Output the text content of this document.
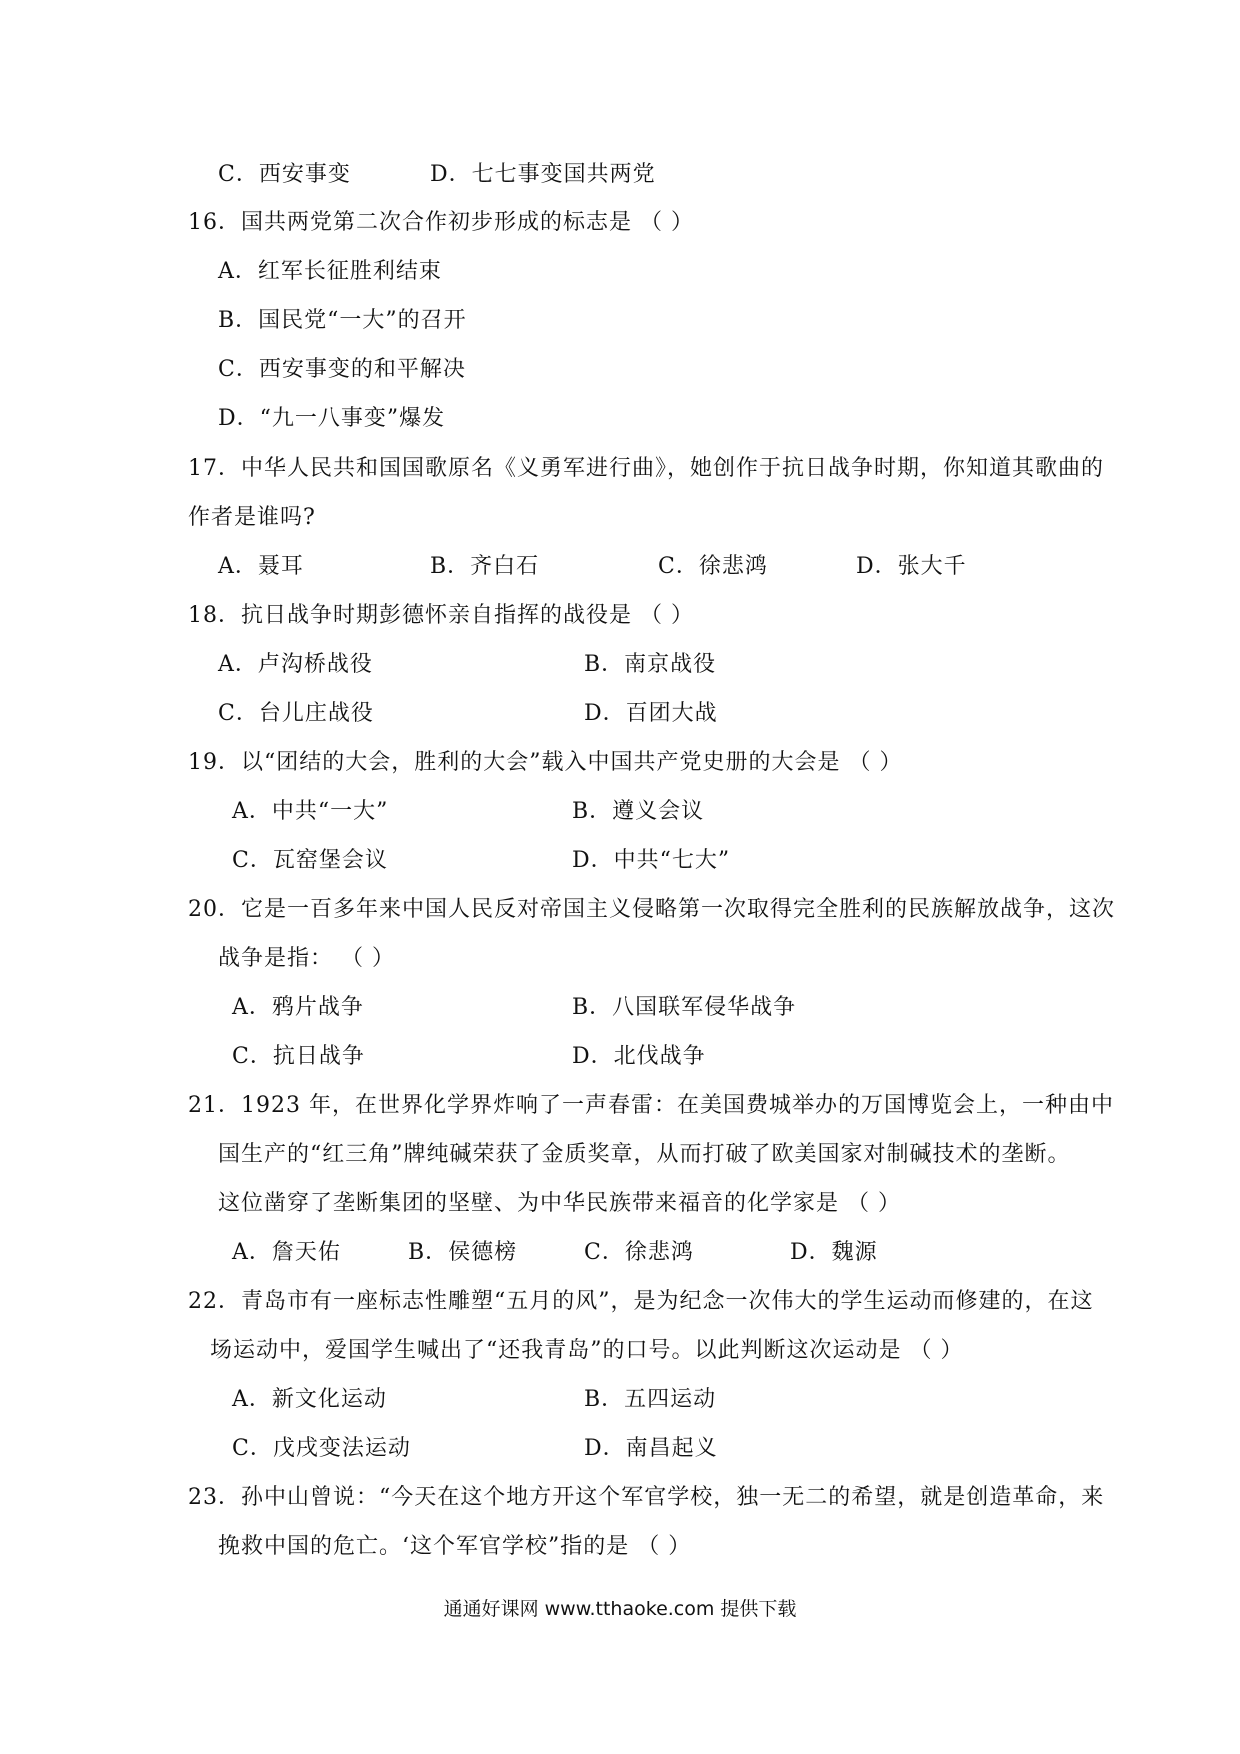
C．西安事变	D．七七事变国共两党
16．国共两党第二次合作初步形成的标志是 （ ）
A．红军长征胜利结束
B．国民党“一大”的召开
C．西安事变的和平解决
D．“九一八事变”爆发
17．中华人民共和国国歌原名《义勇军进行曲》，她创作于抗日战争时期，你知道其歌曲的
作者是谁吗?
A．聂耳	B．齐白石	C．徐悲鸿	D．张大千
18．抗日战争时期彭德怀亲自指挥的战役是 （ ）
A．卢沟桥战役	B．南京战役
C．台儿庄战役	D．百团大战
19．以“团结的大会，胜利的大会”载入中国共产党史册的大会是 （ ）
A．中共“一大”	B．遵义会议
C．瓦窑堡会议	D．中共“七大”
20．它是一百多年来中国人民反对帝国主义侵略第一次取得完全胜利的民族解放战争，这次
战争是指： （ ）
A．鸦片战争	B．八国联军侵华战争
C．抗日战争	D．北伐战争
21．1923 年，在世界化学界炸响了一声春雷：在美国费城举办的万国博览会上，一种由中
国生产的“红三角”牌纯碱荣获了金质奖章，从而打破了欧美国家对制碱技术的垄断。
这位凿穿了垄断集团的坚壁、为中华民族带来福音的化学家是 （ ）
A．詹天佑	B．侯德榜	C．徐悲鸿	D．魏源
22．青岛市有一座标志性雕塑“五月的风”，是为纪念一次伟大的学生运动而修建的，在这
场运动中，爱国学生喊出了“还我青岛”的口号。以此判断这次运动是 （ ）
A．新文化运动	B．五四运动
C．戊戌变法运动	D．南昌起义
23．孙中山曾说：“今天在这个地方开这个军官学校，独一无二的希望，就是创造革命，来
挽救中国的危亡。‘这个军官学校”指的是 （ ）
通通好课网 www.tthaoke.com 提供下载
